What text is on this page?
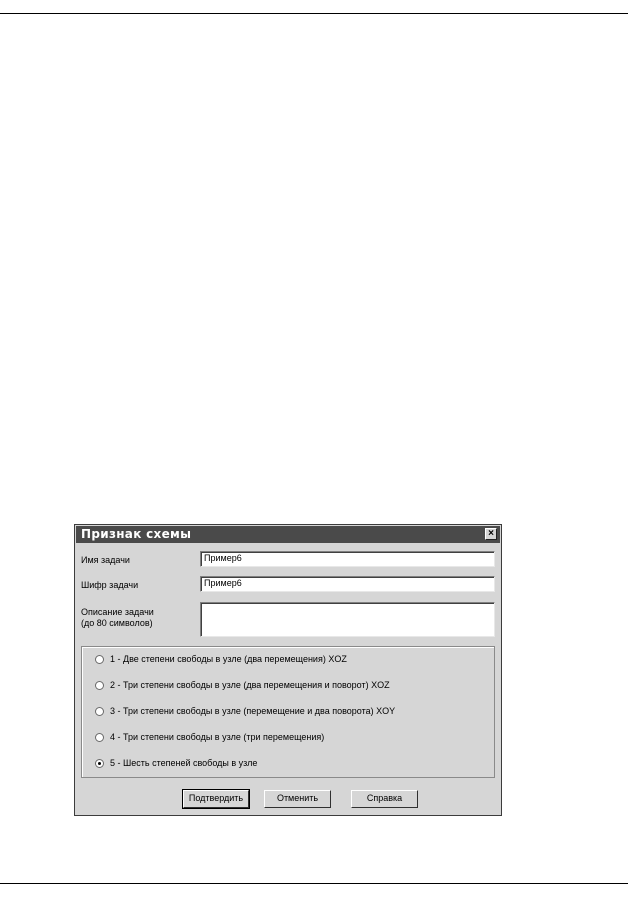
Признак схемы	×
Имя задачи	Пример6
Шифр задачи	Пример6
Описание задачи
(до 80 символов)
1 - Две степени свободы в узле (два перемещения) XOZ
2 - Три степени свободы в узле (два перемещения и поворот) XOZ
3 - Три степени свободы в узле (перемещение и два поворота) XOY
4 - Три степени свободы в узле (три перемещения)
5 - Шесть степеней свободы в узле
Подтвердить	Отменить	Справка
